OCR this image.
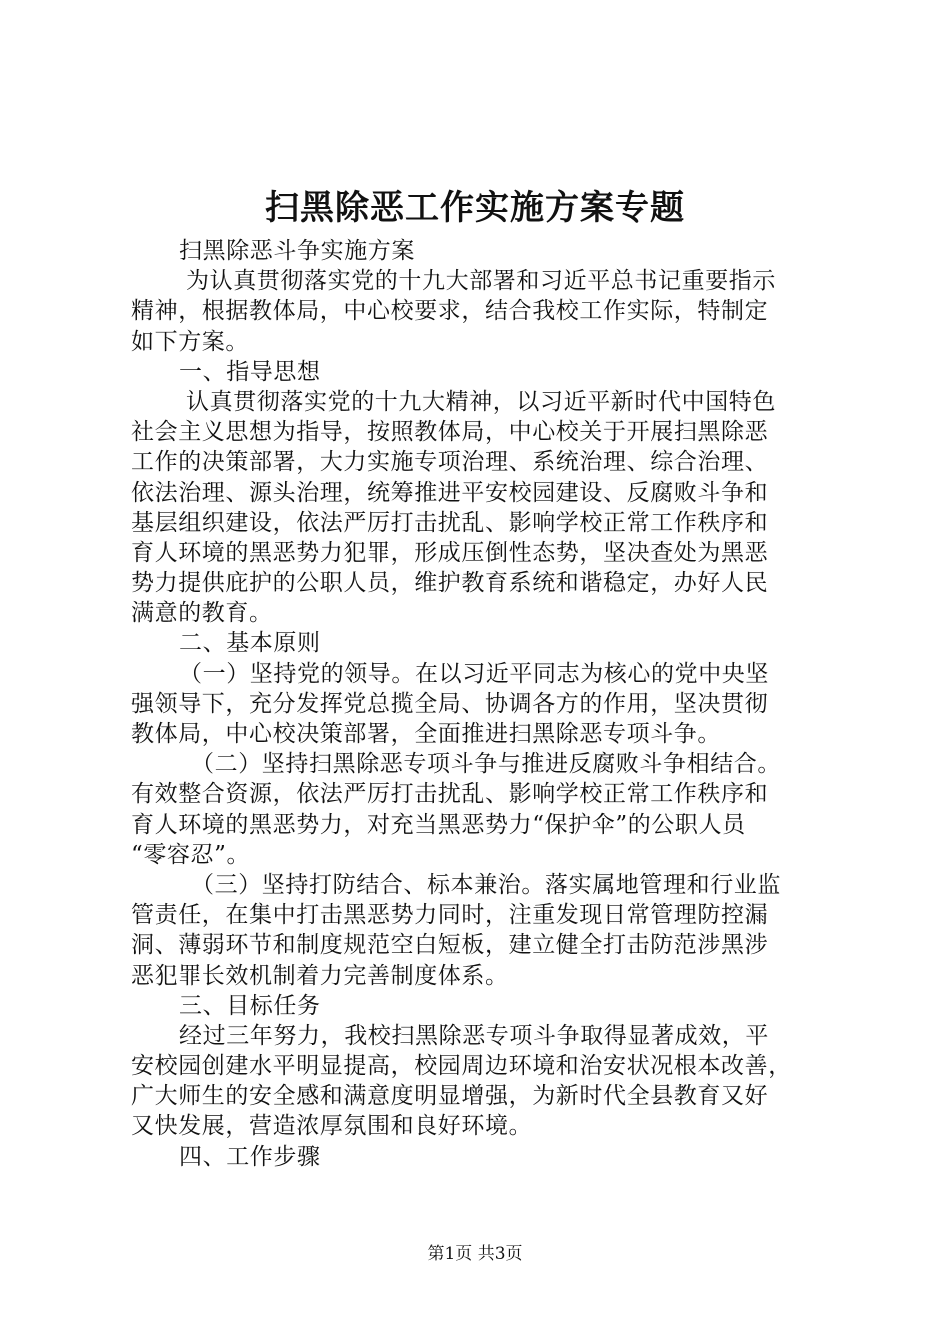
扫黑除恶工作实施方案专题
扫黑除恶斗争实施方案
为认真贯彻落实党的十九大部署和习近平总书记重要指示
精神，根据教体局，中心校要求，结合我校工作实际，特制定
如下方案。
一、指导思想
认真贯彻落实党的十九大精神，以习近平新时代中国特色
社会主义思想为指导，按照教体局，中心校关于开展扫黑除恶
工作的决策部署，大力实施专项治理、系统治理、综合治理、
依法治理、源头治理，统筹推进平安校园建设、反腐败斗争和
基层组织建设，依法严厉打击扰乱、影响学校正常工作秩序和
育人环境的黑恶势力犯罪，形成压倒性态势，坚决查处为黑恶
势力提供庇护的公职人员，维护教育系统和谐稳定，办好人民
满意的教育。
二、基本原则
（一）坚持党的领导。在以习近平同志为核心的党中央坚
强领导下，充分发挥党总揽全局、协调各方的作用，坚决贯彻
教体局，中心校决策部署，全面推进扫黑除恶专项斗争。
（二）坚持扫黑除恶专项斗争与推进反腐败斗争相结合。
有效整合资源，依法严厉打击扰乱、影响学校正常工作秩序和
育人环境的黑恶势力，对充当黑恶势力“保护伞”的公职人员
“零容忍”。
（三）坚持打防结合、标本兼治。落实属地管理和行业监
管责任，在集中打击黑恶势力同时，注重发现日常管理防控漏
洞、薄弱环节和制度规范空白短板，建立健全打击防范涉黑涉
恶犯罪长效机制着力完善制度体系。
三、目标任务
经过三年努力，我校扫黑除恶专项斗争取得显著成效，平
安校园创建水平明显提高，校园周边环境和治安状况根本改善，
广大师生的安全感和满意度明显增强，为新时代全县教育又好
又快发展，营造浓厚氛围和良好环境。
四、工作步骤
第1页 共3页
